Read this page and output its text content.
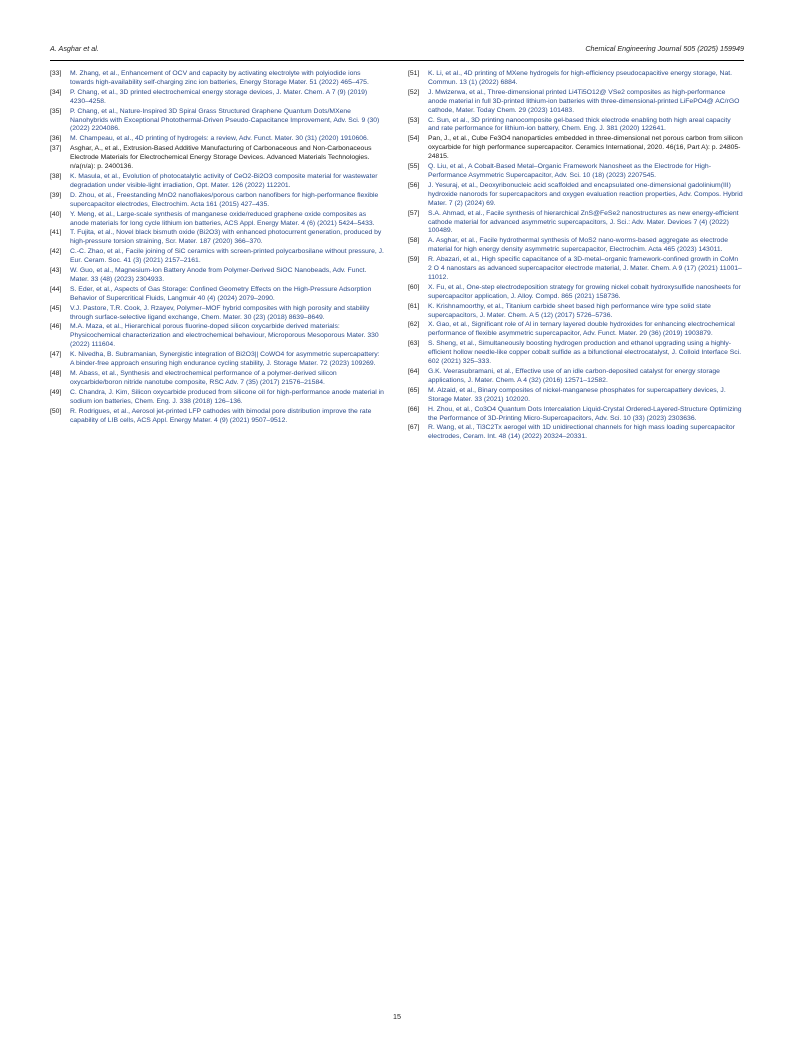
A. Asghar et al.	Chemical Engineering Journal 505 (2025) 159949
[33]	M. Zhang, et al., Enhancement of OCV and capacity by activating electrolyte with polyiodide ions towards high-availability self-charging zinc ion batteries, Energy Storage Mater. 51 (2022) 465–475.
[34]	P. Chang, et al., 3D printed electrochemical energy storage devices, J. Mater. Chem. A 7 (9) (2019) 4230–4258.
[35]	P. Chang, et al., Nature-Inspired 3D Spiral Grass Structured Graphene Quantum Dots/MXene Nanohybrids with Exceptional Photothermal-Driven Pseudo-Capacitance Improvement, Adv. Sci. 9 (30) (2022) 2204086.
[36]	M. Champeau, et al., 4D printing of hydrogels: a review, Adv. Funct. Mater. 30 (31) (2020) 1910606.
[37]	Asghar, A., et al., Extrusion-Based Additive Manufacturing of Carbonaceous and Non-Carbonaceous Electrode Materials for Electrochemical Energy Storage Devices. Advanced Materials Technologies. n/a(n/a): p. 2400136.
[38]	K. Masula, et al., Evolution of photocatalytic activity of CeO2-Bi2O3 composite material for wastewater degradation under visible-light irradiation, Opt. Mater. 126 (2022) 112201.
[39]	D. Zhou, et al., Freestanding MnO2 nanoflakes/porous carbon nanofibers for high-performance flexible supercapacitor electrodes, Electrochim. Acta 161 (2015) 427–435.
[40]	Y. Meng, et al., Large-scale synthesis of manganese oxide/reduced graphene oxide composites as anode materials for long cycle lithium ion batteries, ACS Appl. Energy Mater. 4 (6) (2021) 5424–5433.
[41]	T. Fujita, et al., Novel black bismuth oxide (Bi2O3) with enhanced photocurrent generation, produced by high-pressure torsion straining, Scr. Mater. 187 (2020) 366–370.
[42]	C.-C. Zhao, et al., Facile joining of SiC ceramics with screen-printed polycarbosilane without pressure, J. Eur. Ceram. Soc. 41 (3) (2021) 2157–2161.
[43]	W. Guo, et al., Magnesium-Ion Battery Anode from Polymer-Derived SiOC Nanobeads, Adv. Funct. Mater. 33 (48) (2023) 2304933.
[44]	S. Eder, et al., Aspects of Gas Storage: Confined Geometry Effects on the High-Pressure Adsorption Behavior of Supercritical Fluids, Langmuir 40 (4) (2024) 2079–2090.
[45]	V.J. Pastore, T.R. Cook, J. Rzayev, Polymer–MOF hybrid composites with high porosity and stability through surface-selective ligand exchange, Chem. Mater. 30 (23) (2018) 8639–8649.
[46]	M.A. Maza, et al., Hierarchical porous fluorine-doped silicon oxycarbide derived materials: Physicochemical characterization and electrochemical behaviour, Microporous Mesoporous Mater. 330 (2022) 111604.
[47]	K. Nivedha, B. Subramanian, Synergistic integration of Bi2O3|| CoWO4 for asymmetric supercapattery: A binder-free approach ensuring high endurance cycling stability, J. Storage Mater. 72 (2023) 109269.
[48]	M. Abass, et al., Synthesis and electrochemical performance of a polymer-derived silicon oxycarbide/boron nitride nanotube composite, RSC Adv. 7 (35) (2017) 21576–21584.
[49]	C. Chandra, J. Kim, Silicon oxycarbide produced from silicone oil for high-performance anode material in sodium ion batteries, Chem. Eng. J. 338 (2018) 126–136.
[50]	R. Rodrigues, et al., Aerosol jet-printed LFP cathodes with bimodal pore distribution improve the rate capability of LIB cells, ACS Appl. Energy Mater. 4 (9) (2021) 9507–9512.
[51]	K. Li, et al., 4D printing of MXene hydrogels for high-efficiency pseudocapacitive energy storage, Nat. Commun. 13 (1) (2022) 6884.
[52]	J. Mwizerwa, et al., Three-dimensional printed Li4Ti5O12@ VSe2 composites as high-performance anode material in full 3D-printed lithium-ion batteries with three-dimensional-printed LiFePO4@ AC/rGO cathode, Mater. Today Chem. 29 (2023) 101483.
[53]	C. Sun, et al., 3D printing nanocomposite gel-based thick electrode enabling both high areal capacity and rate performance for lithium-ion battery, Chem. Eng. J. 381 (2020) 122641.
[54]	Pan, J., et al., Cube Fe3O4 nanoparticles embedded in three-dimensional net porous carbon from silicon oxycarbide for high performance supercapacitor. Ceramics International, 2020. 46(16, Part A): p. 24805-24815.
[55]	Q. Liu, et al., A Cobalt-Based Metal–Organic Framework Nanosheet as the Electrode for High-Performance Asymmetric Supercapacitor, Adv. Sci. 10 (18) (2023) 2207545.
[56]	J. Yesuraj, et al., Deoxyribonucleic acid scaffolded and encapsulated one-dimensional gadolinium(III) hydroxide nanorods for supercapacitors and oxygen evaluation reaction properties, Adv. Compos. Hybrid Mater. 7 (2) (2024) 69.
[57]	S.A. Ahmad, et al., Facile synthesis of hierarchical ZnS@FeSe2 nanostructures as new energy-efficient cathode material for advanced asymmetric supercapacitors, J. Sci.: Adv. Mater. Devices 7 (4) (2022) 100489.
[58]	A. Asghar, et al., Facile hydrothermal synthesis of MoS2 nano-worms-based aggregate as electrode material for high energy density asymmetric supercapacitor, Electrochim. Acta 465 (2023) 143011.
[59]	R. Abazari, et al., High specific capacitance of a 3D-metal–organic framework-confined growth in CoMn 2 O 4 nanostars as advanced supercapacitor electrode material, J. Mater. Chem. A 9 (17) (2021) 11001–11012.
[60]	X. Fu, et al., One-step electrodeposition strategy for growing nickel cobalt hydroxysulfide nanosheets for supercapacitor application, J. Alloy. Compd. 865 (2021) 158736.
[61]	K. Krishnamoorthy, et al., Titanium carbide sheet based high performance wire type solid state supercapacitors, J. Mater. Chem. A 5 (12) (2017) 5726–5736.
[62]	X. Gao, et al., Significant role of Al in ternary layered double hydroxides for enhancing electrochemical performance of flexible asymmetric supercapacitor, Adv. Funct. Mater. 29 (36) (2019) 1903879.
[63]	S. Sheng, et al., Simultaneously boosting hydrogen production and ethanol upgrading using a highly-efficient hollow needle-like copper cobalt sulfide as a bifunctional electrocatalyst, J. Colloid Interface Sci. 602 (2021) 325–333.
[64]	G.K. Veerasubramani, et al., Effective use of an idle carbon-deposited catalyst for energy storage applications, J. Mater. Chem. A 4 (32) (2016) 12571–12582.
[65]	M. Alzaid, et al., Binary composites of nickel-manganese phosphates for supercapattery devices, J. Storage Mater. 33 (2021) 102020.
[66]	H. Zhou, et al., Co3O4 Quantum Dots Intercalation Liquid-Crystal Ordered-Layered-Structure Optimizing the Performance of 3D-Printing Micro-Supercapacitors, Adv. Sci. 10 (33) (2023) 2303636.
[67]	R. Wang, et al., Ti3C2Tx aerogel with 1D unidirectional channels for high mass loading supercapacitor electrodes, Ceram. Int. 48 (14) (2022) 20324–20331.
15
